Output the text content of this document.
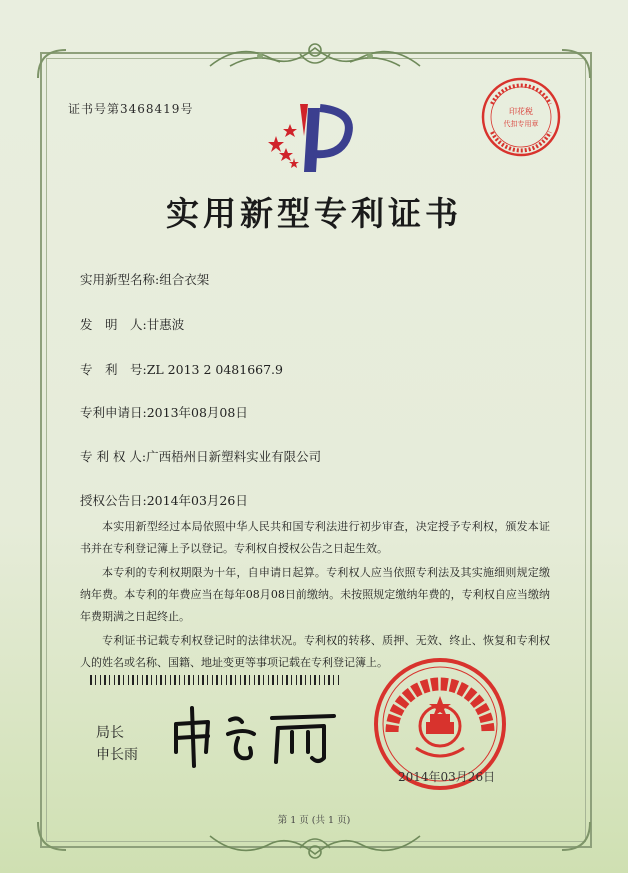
证书号第3468419号	印花税
代扣专用章
实用新型专利证书
实用新型名称:组合衣架
发　明　人:甘惠波
专　利　号:ZL 2013 2 0481667.9
专利申请日:2013年08月08日
专 利 权 人:广西梧州日新塑料实业有限公司
授权公告日:2014年03月26日

本实用新型经过本局依照中华人民共和国专利法进行初步审查，决定授予专利权，颁发本证书并在专利登记簿上予以登记。专利权自授权公告之日起生效。

本专利的专利权期限为十年，自申请日起算。专利权人应当依照专利法及其实施细则规定缴纳年费。本专利的年费应当在每年08月08日前缴纳。未按照规定缴纳年费的，专利权自应当缴纳年费期满之日起终止。

专利证书记载专利权登记时的法律状况。专利权的转移、质押、无效、终止、恢复和专利权人的姓名或名称、国籍、地址变更等事项记载在专利登记簿上。

局长
申长雨
2014年03月26日
第 1 页 (共 1 页)
